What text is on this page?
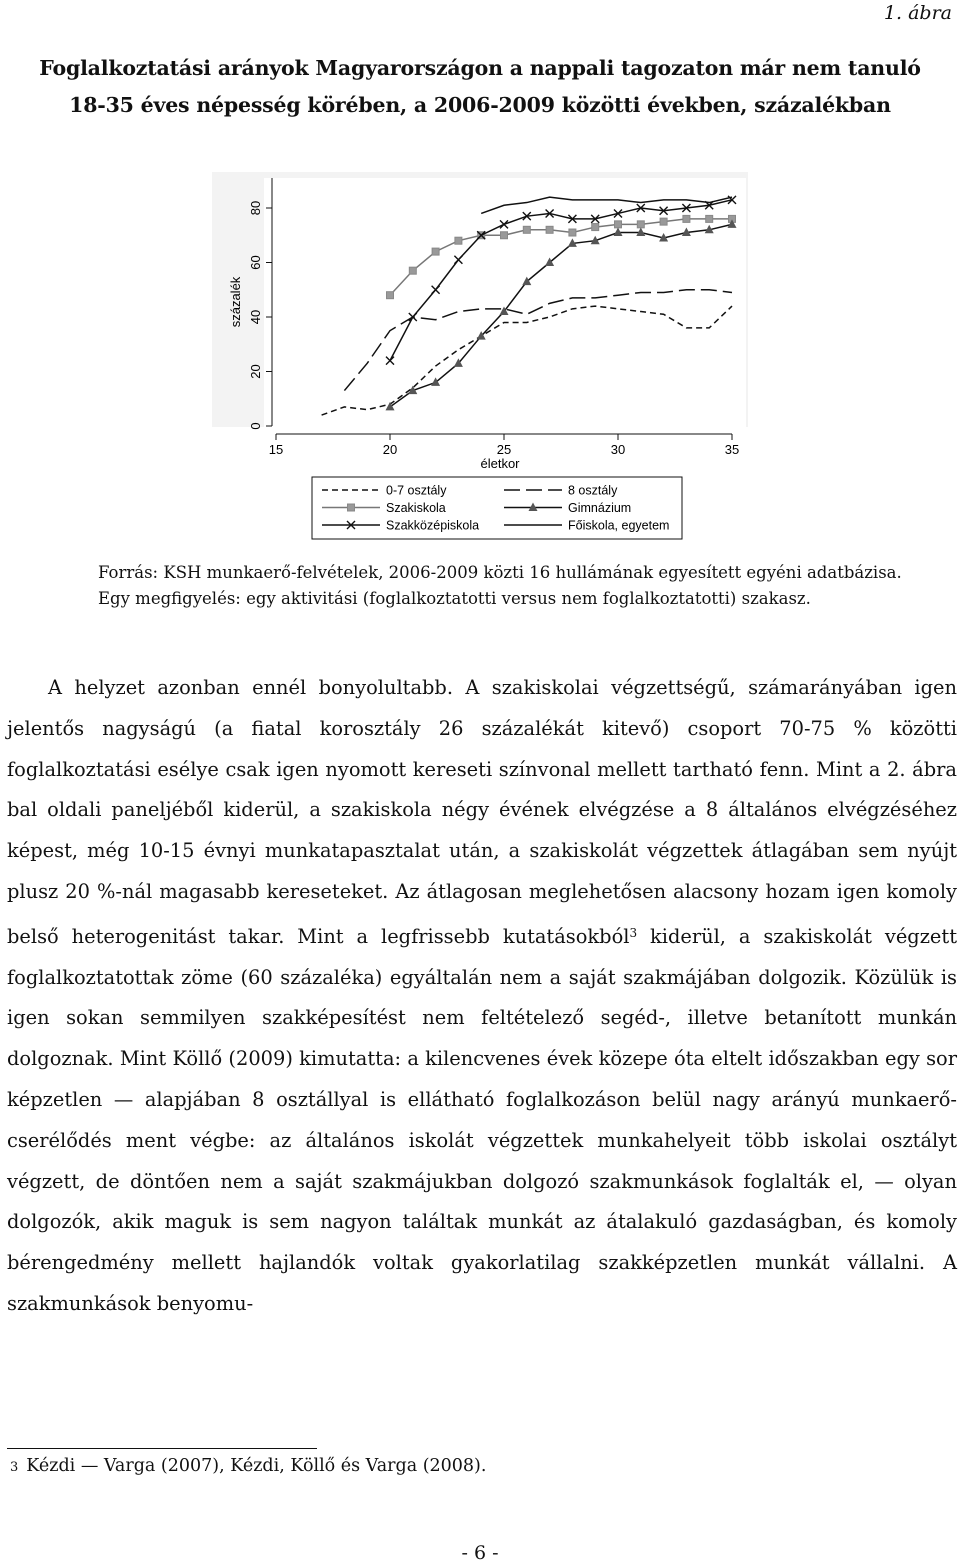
1. ábra
Foglalkoztatási arányok Magyarországon a nappali tagozaton már nem tanuló
18-35 éves népesség körében, a 2006-2009 közötti években, százalékban
0
20
40
60
80
15	20	25	30	35
életkor
százalék
0-7 osztály	8 osztály
Szakiskola	Gimnázium
Szakközépiskola	Főiskola, egyetem
Forrás: KSH munkaerő-felvételek, 2006-2009 közti 16 hullámának egyesített egyéni adatbázisa.
Egy megfigyelés: egy aktivitási (foglalkoztatotti versus nem foglalkoztatotti) szakasz.

A helyzet azonban ennél bonyolultabb. A szakiskolai végzettségű, számarányában igen jelentős nagyságú (a fiatal korosztály 26 százalékát kitevő) csoport 70-75 % közötti foglalkoztatási esélye csak igen nyomott kereseti színvonal mellett tartható fenn. Mint a 2. ábra bal oldali paneljéből kiderül, a szakiskola négy évének elvégzése a 8 általános elvégzéséhez képest, még 10-15 évnyi munkatapasztalat után, a szakiskolát végzettek átlagában sem nyújt plusz 20 %-nál magasabb kereseteket. Az átlagosan meglehetősen alacsony hozam igen komoly belső heterogenitást takar. Mint a legfrissebb kutatásokból$^3$ kiderül, a szakiskolát végzett foglalkoztatottak zöme (60 százaléka) egyáltalán nem a saját szakmájában dolgozik. Közülük is igen sokan semmilyen szakképesítést nem feltételező segéd-, illetve betanított munkán dolgoznak. Mint Köllő (2009) kimutatta: a kilencvenes évek közepe óta eltelt időszakban egy sor képzetlen — alapjában 8 osztállyal is ellátható foglalkozáson belül nagy arányú munkaerő-cserélődés ment végbe: az általános iskolát végzettek munkahelyeit több iskolai osztályt végzett, de döntően nem a saját szakmájukban dolgozó szakmunkások foglalták el, — olyan dolgozók, akik maguk is sem nagyon találtak munkát az átalakuló gazdaságban, és komoly bérengedmény mellett hajlandók voltak gyakorlatilag szakképzetlen munkát vállalni. A szakmunkások benyomu-

3 Kézdi — Varga (2007), Kézdi, Köllő és Varga (2008).
- 6 -
